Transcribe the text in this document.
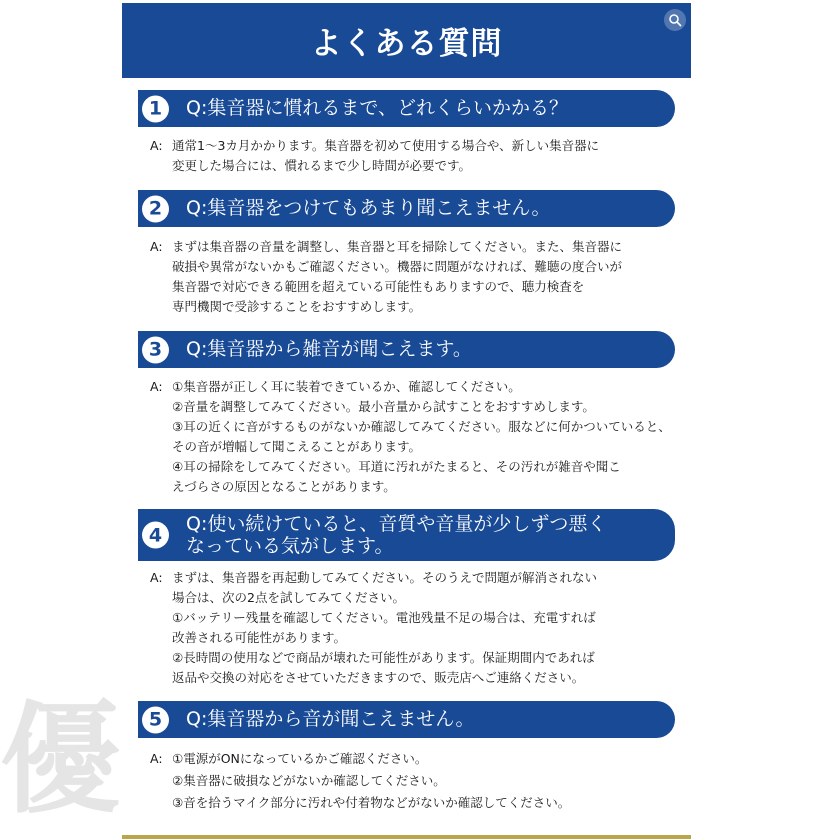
優
よくある質問
1	Q:集音器に慣れるまで、どれくらいかかる？
A: 通常1～3カ月かかります。集音器を初めて使用する場合や、新しい集音器に
変更した場合には、慣れるまで少し時間が必要です。
2	Q:集音器をつけてもあまり聞こえません。
A: まずは集音器の音量を調整し、集音器と耳を掃除してください。また、集音器に
破損や異常がないかもご確認ください。機器に問題がなければ、難聴の度合いが
集音器で対応できる範囲を超えている可能性もありますので、聴力検査を
専門機関で受診することをおすすめします。
3	Q:集音器から雑音が聞こえます。
A: ①集音器が正しく耳に装着できているか、確認してください。
②音量を調整してみてください。最小音量から試すことをおすすめします。
③耳の近くに音がするものがないか確認してみてください。服などに何かついていると、
その音が増幅して聞こえることがあります。
④耳の掃除をしてみてください。耳道に汚れがたまると、その汚れが雑音や聞こ
えづらさの原因となることがあります。
4	Q:使い続けていると、音質や音量が少しずつ悪く
なっている気がします。
A: まずは、集音器を再起動してみてください。そのうえで問題が解消されない
場合は、次の2点を試してみてください。
①バッテリー残量を確認してください。電池残量不足の場合は、充電すれば
改善される可能性があります。
②長時間の使用などで商品が壊れた可能性があります。保証期間内であれば
返品や交換の対応をさせていただきますので、販売店へご連絡ください。
5	Q:集音器から音が聞こえません。
A: ①電源がONになっているかご確認ください。
②集音器に破損などがないか確認してください。
③音を拾うマイク部分に汚れや付着物などがないか確認してください。
